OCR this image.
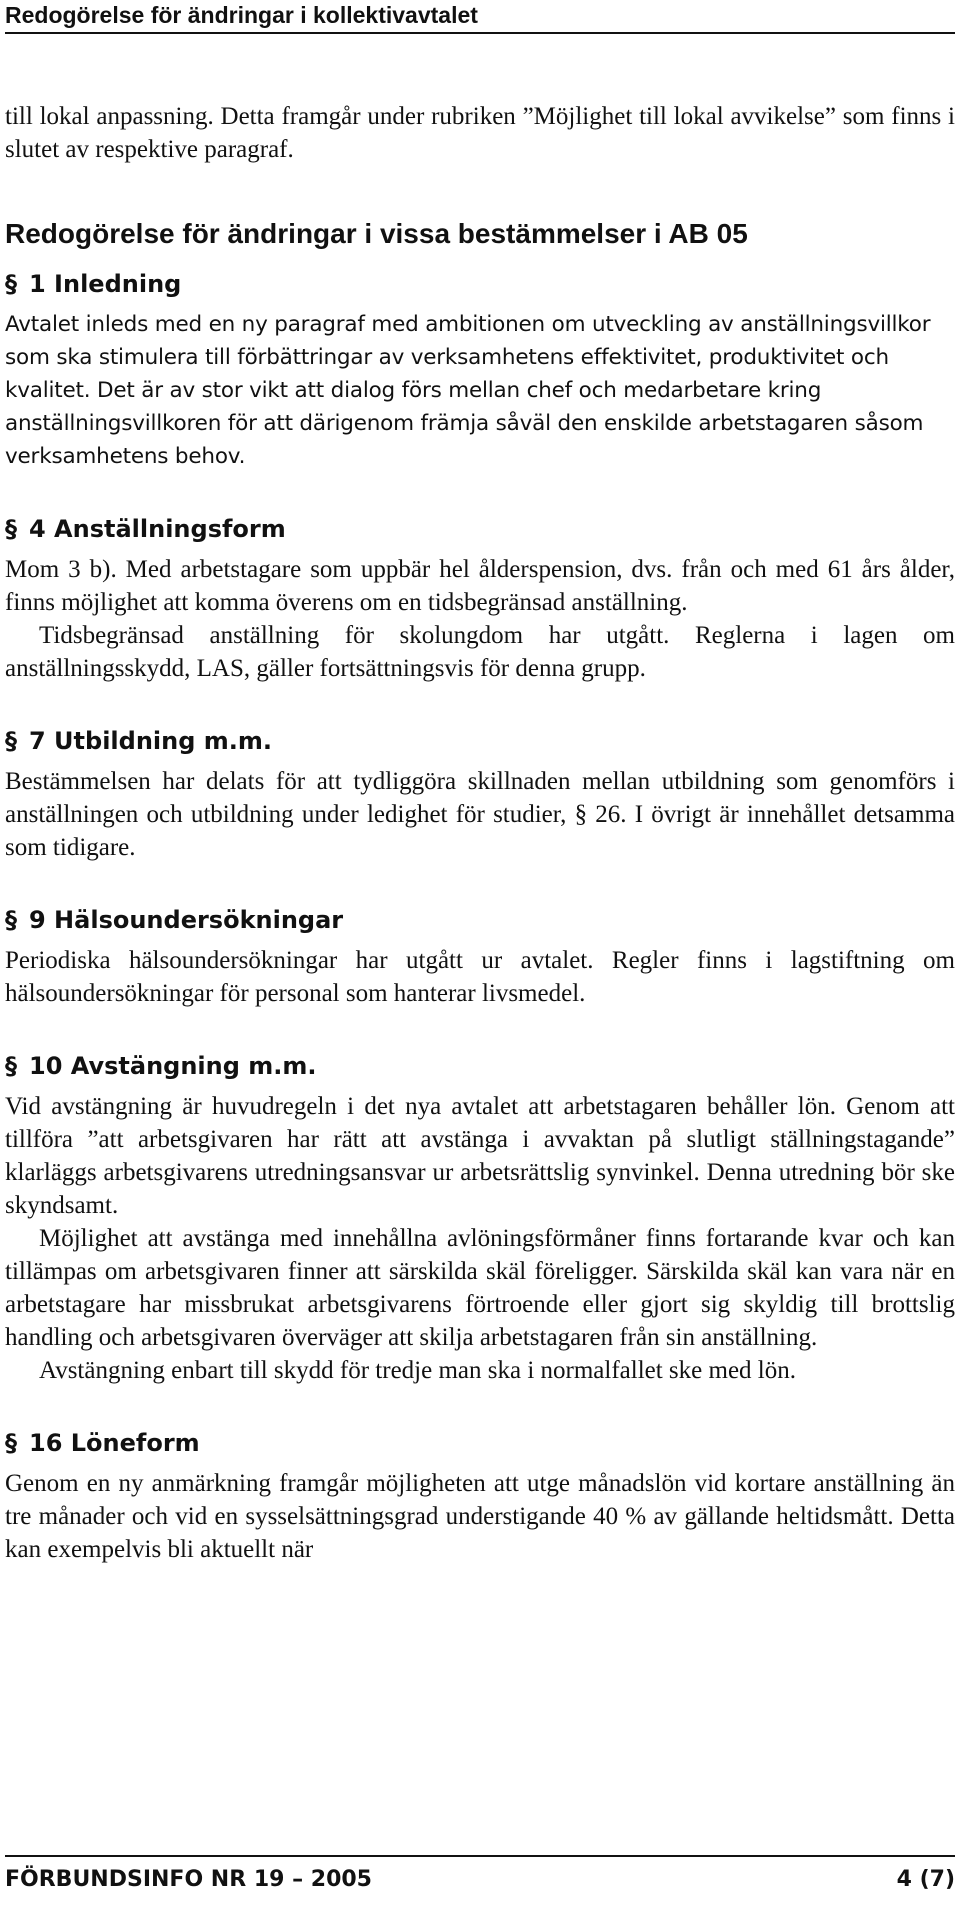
Redogörelse för ändringar i kollektivavtalet

till lokal anpassning. Detta framgår under rubriken ”Möjlighet till lokal avvikelse” som finns i slutet av respektive paragraf.

Redogörelse för ändringar i vissa bestämmelser i AB 05
§ 1 Inledning

Avtalet inleds med en ny paragraf med ambitionen om utveckling av anställningsvillkor som ska stimulera till förbättringar av verksamhetens effektivitet, produktivitet och kvalitet. Det är av stor vikt att dialog förs mellan chef och medarbetare kring anställningsvillkoren för att därigenom främja såväl den enskilde arbetstagaren såsom verksamhetens behov.

§ 4 Anställningsform

Mom 3 b). Med arbetstagare som uppbär hel ålderspension, dvs. från och med 61 års ålder, finns möjlighet att komma överens om en tidsbegränsad anställning.

Tidsbegränsad anställning för skolungdom har utgått. Reglerna i lagen om anställningsskydd, LAS, gäller fortsättningsvis för denna grupp.

§ 7 Utbildning m.m.

Bestämmelsen har delats för att tydliggöra skillnaden mellan utbildning som genomförs i anställningen och utbildning under ledighet för studier, § 26. I övrigt är innehållet detsamma som tidigare.

§ 9 Hälsoundersökningar

Periodiska hälsoundersökningar har utgått ur avtalet. Regler finns i lagstiftning om hälsoundersökningar för personal som hanterar livsmedel.

§ 10 Avstängning m.m.

Vid avstängning är huvudregeln i det nya avtalet att arbetstagaren behåller lön. Genom att tillföra ”att arbetsgivaren har rätt att avstänga i avvaktan på slutligt ställningstagande” klarläggs arbetsgivarens utredningsansvar ur arbetsrättslig synvinkel. Denna utredning bör ske skyndsamt.

Möjlighet att avstänga med innehållna avlöningsförmåner finns fortarande kvar och kan tillämpas om arbetsgivaren finner att särskilda skäl föreligger. Särskilda skäl kan vara när en arbetstagare har missbrukat arbetsgivarens förtroende eller gjort sig skyldig till brottslig handling och arbetsgivaren överväger att skilja arbetstagaren från sin anställning.

Avstängning enbart till skydd för tredje man ska i normalfallet ske med lön.

§ 16 Löneform

Genom en ny anmärkning framgår möjligheten att utge månadslön vid kortare anställning än tre månader och vid en sysselsättningsgrad understigande 40 % av gällande heltidsmått. Detta kan exempelvis bli aktuellt när

FÖRBUNDSINFO NR 19 – 2005	4 (7)
